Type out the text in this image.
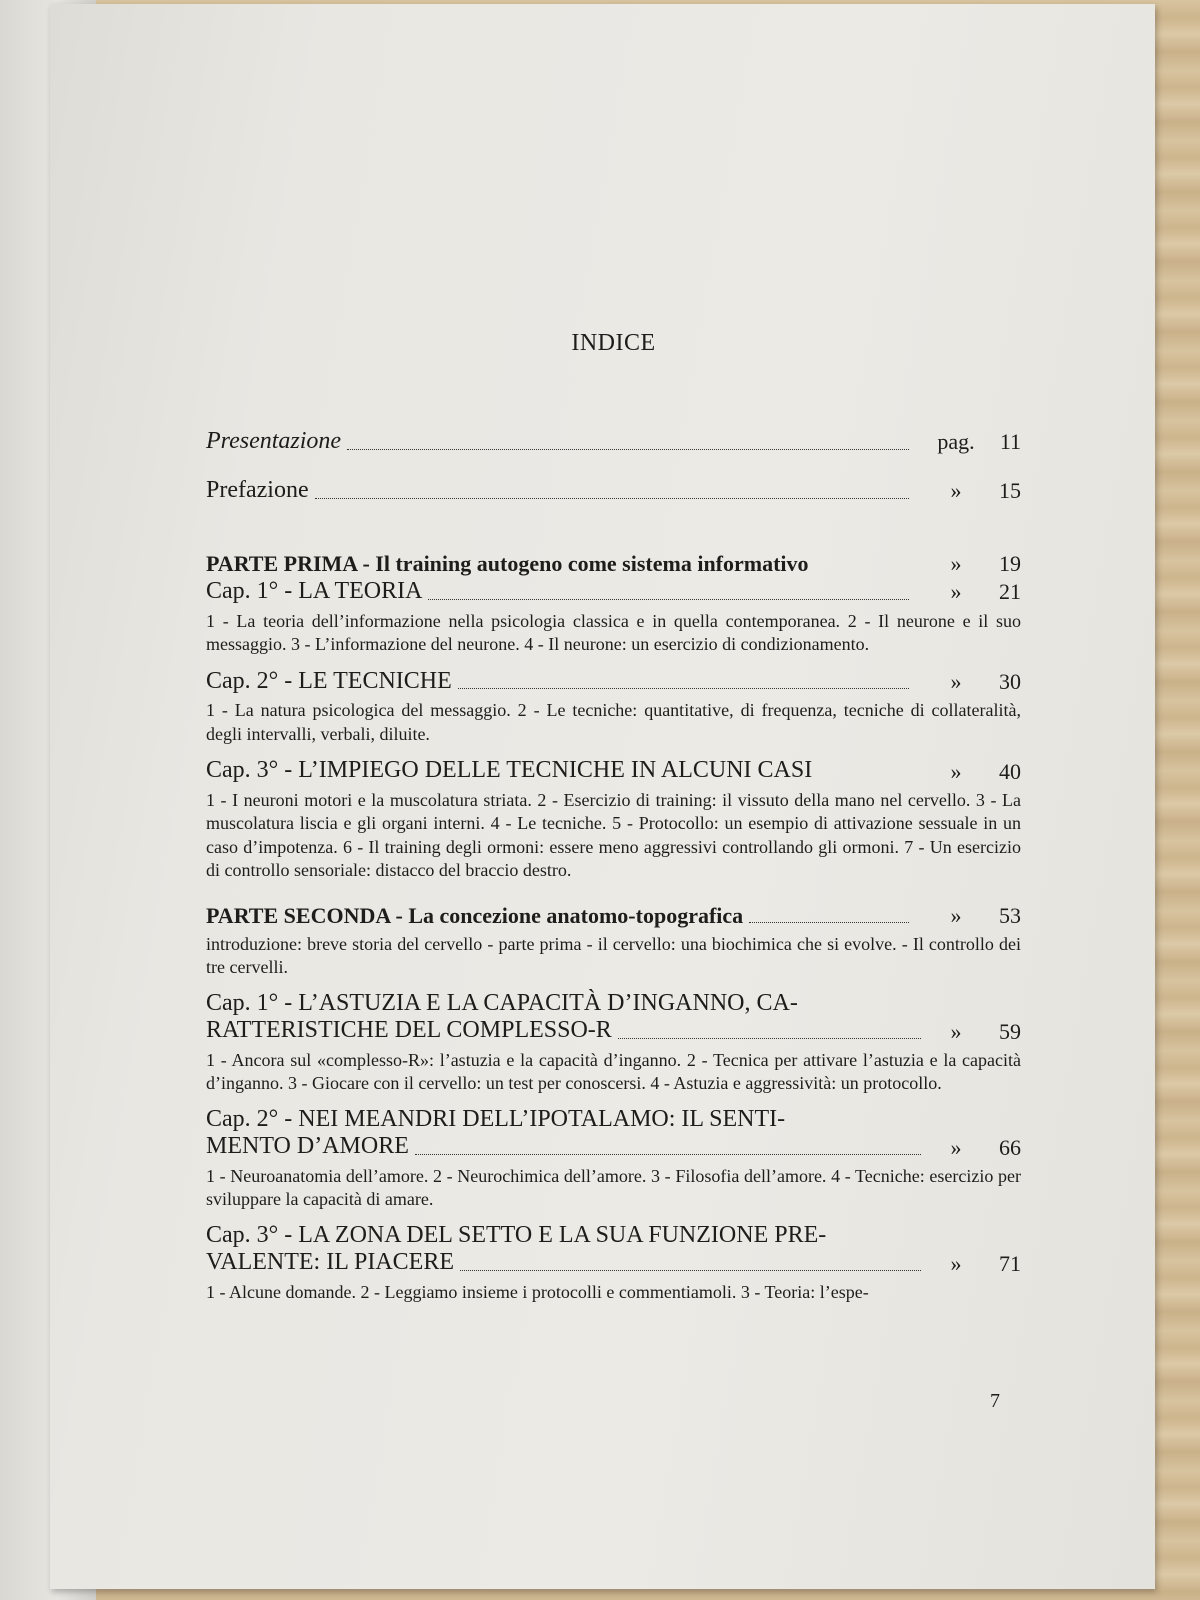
INDICE
Presentazione	pag.	11
Prefazione	»	15
PARTE PRIMA - Il training autogeno come sistema informativo	»	19
Cap. 1° - LA TEORIA	»	21

1 - La teoria dell’informazione nella psicologia classica e in quella contemporanea. 2 - Il neurone e il suo messaggio. 3 - L’informazione del neurone. 4 - Il neurone: un esercizio di condizionamento.

Cap. 2° - LE TECNICHE	»	30

1 - La natura psicologica del messaggio. 2 - Le tecniche: quantitative, di frequenza, tecniche di collateralità, degli intervalli, verbali, diluite.

Cap. 3° - L’IMPIEGO DELLE TECNICHE IN ALCUNI CASI	»	40

1 - I neuroni motori e la muscolatura striata. 2 - Esercizio di training: il vissuto della mano nel cervello. 3 - La muscolatura liscia e gli organi interni. 4 - Le tecniche. 5 - Protocollo: un esempio di attivazione sessuale in un caso d’impotenza. 6 - Il training degli ormoni: essere meno aggressivi controllando gli ormoni. 7 - Un esercizio di controllo sensoriale: distacco del braccio destro.

PARTE SECONDA - La concezione anatomo-topografica	»	53

introduzione: breve storia del cervello - parte prima - il cervello: una biochimica che si evolve. - Il controllo dei tre cervelli.

Cap. 1° - L’ASTUZIA E LA CAPACITÀ D’INGANNO, CA-
RATTERISTICHE DEL COMPLESSO-R	»	59

1 - Ancora sul «complesso-R»: l’astuzia e la capacità d’inganno. 2 - Tecnica per attivare l’astuzia e la capacità d’inganno. 3 - Giocare con il cervello: un test per conoscersi. 4 - Astuzia e aggressività: un protocollo.

Cap. 2° - NEI MEANDRI DELL’IPOTALAMO: IL SENTI-
MENTO D’AMORE	»	66

1 - Neuroanatomia dell’amore. 2 - Neurochimica dell’amore. 3 - Filosofia dell’amore. 4 - Tecniche: esercizio per sviluppare la capacità di amare.

Cap. 3° - LA ZONA DEL SETTO E LA SUA FUNZIONE PRE-
VALENTE: IL PIACERE	»	71

1 - Alcune domande. 2 - Leggiamo insieme i protocolli e commentiamoli. 3 - Teoria: l’espe-

7
